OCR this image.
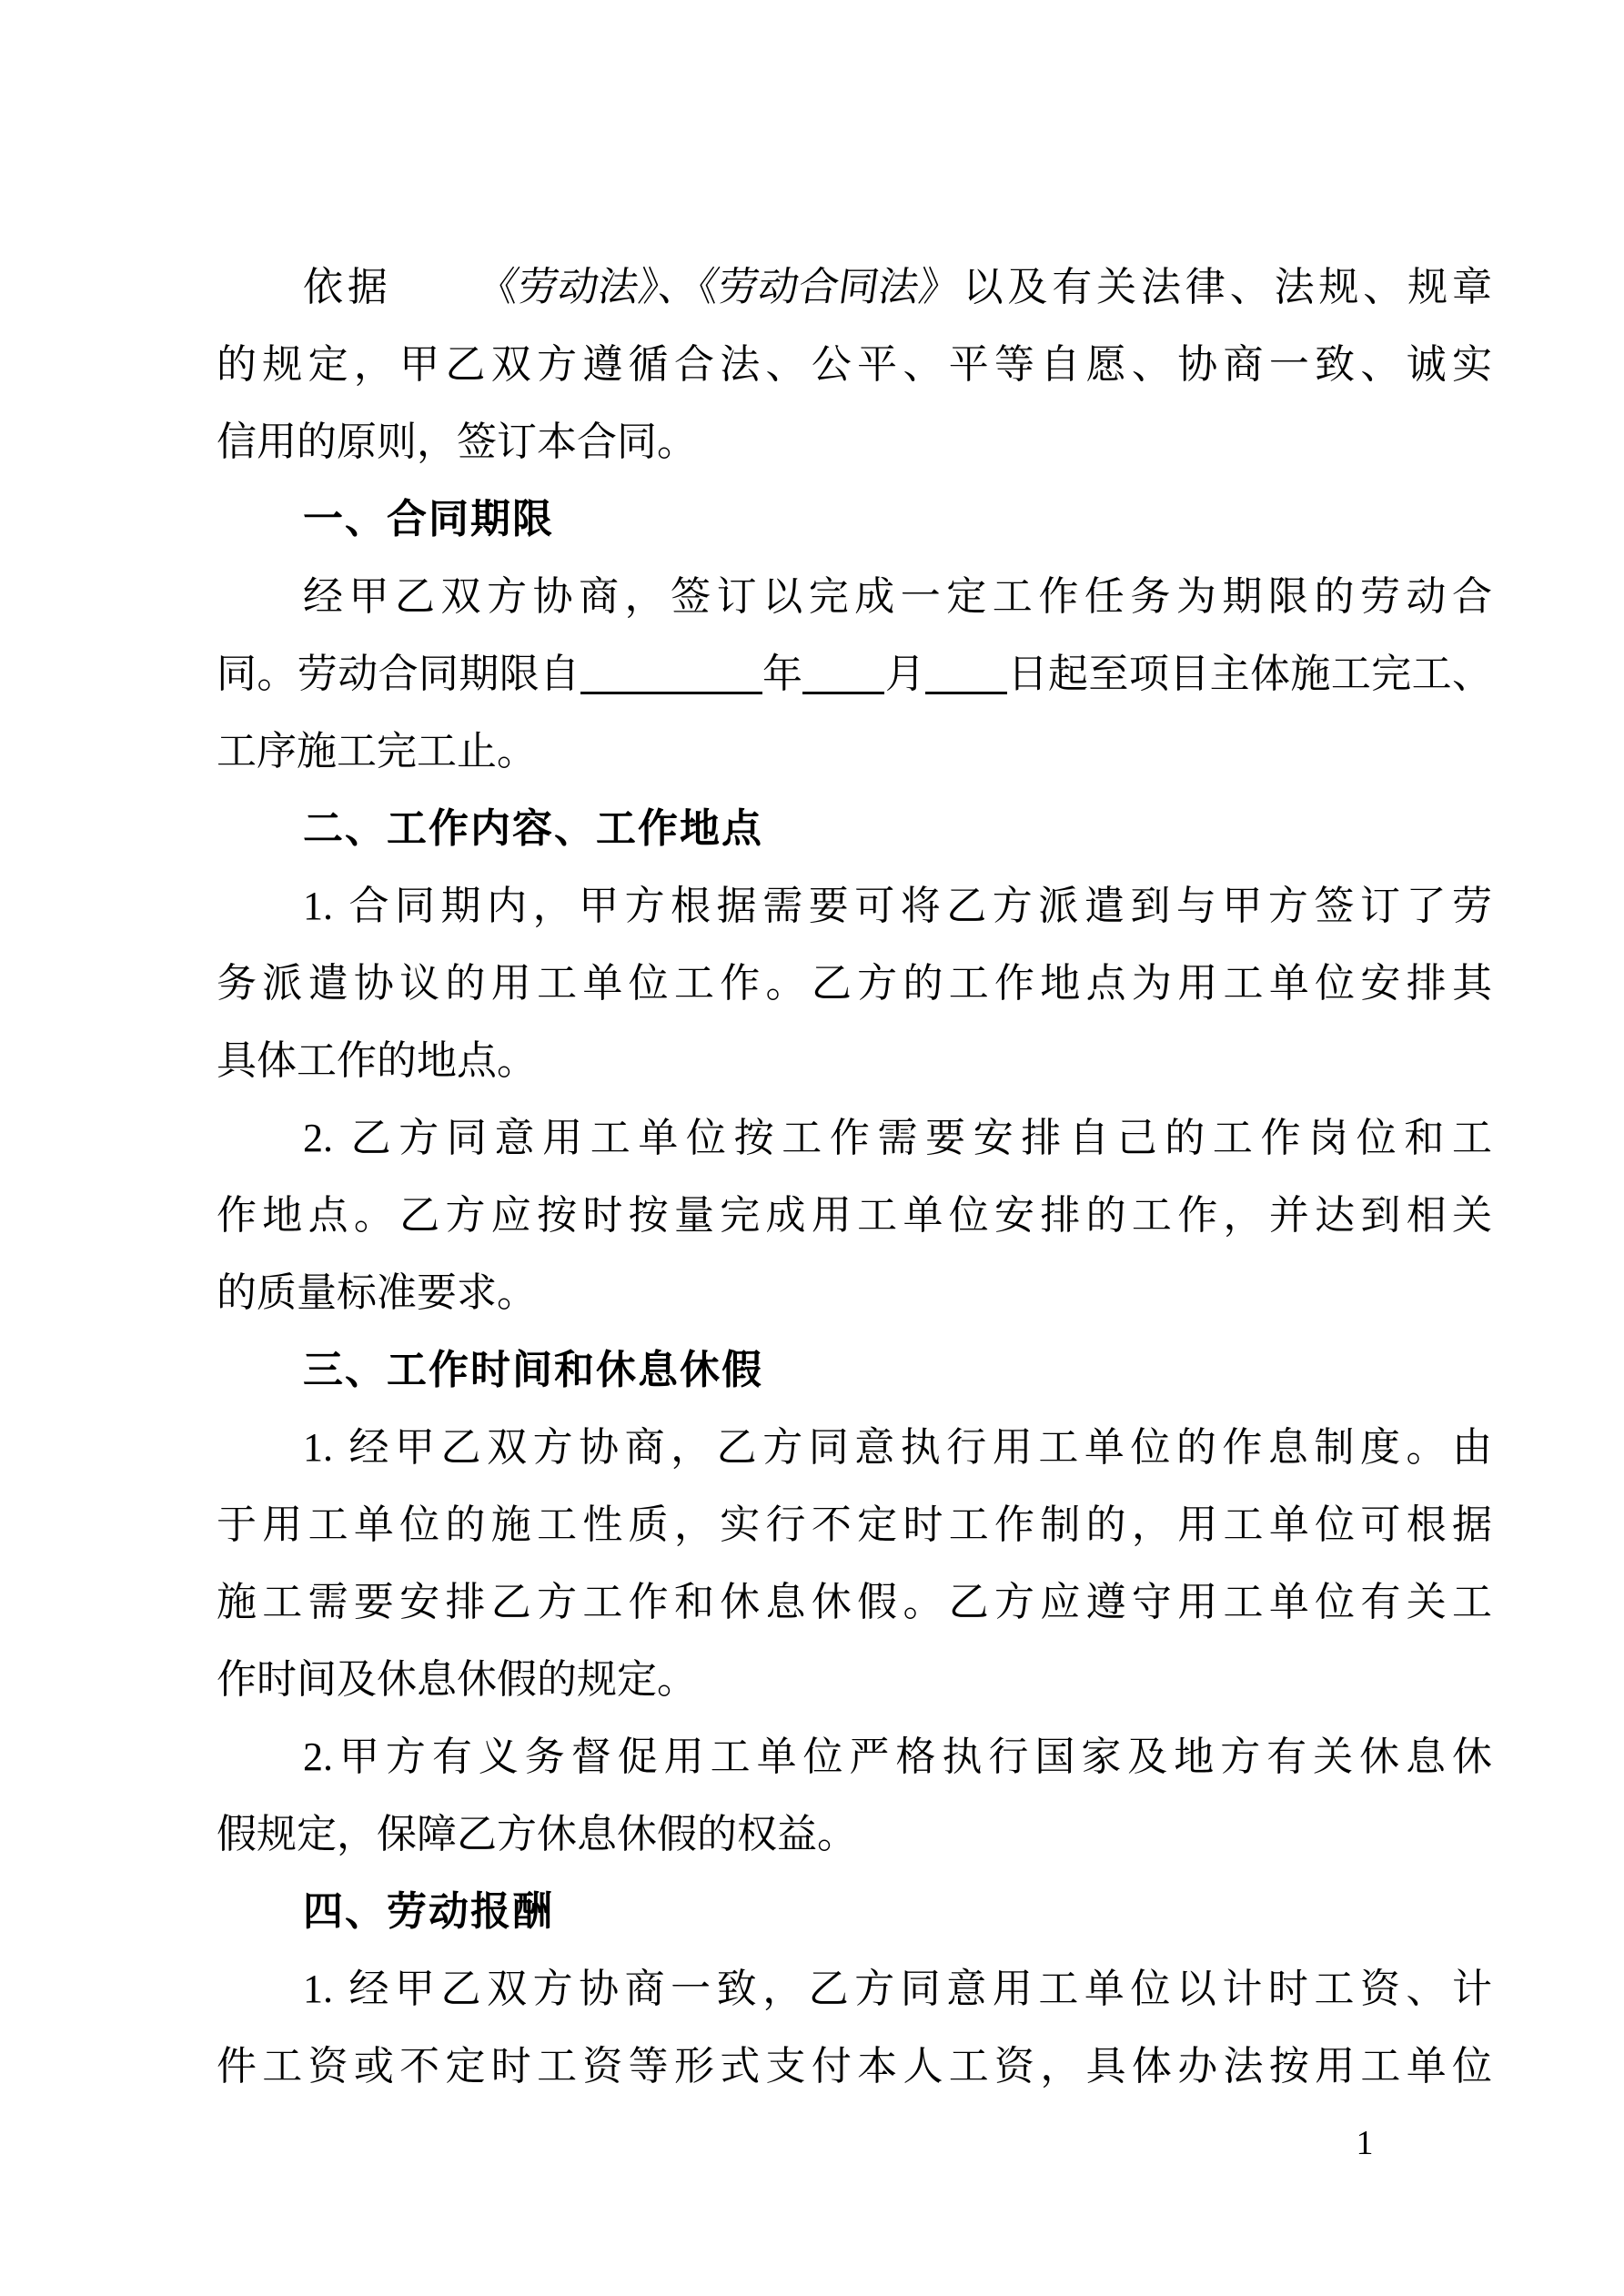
依据 《劳动法》、《劳动合同法》以及有关法律、法规、规章
的规定，甲乙双方遵循合法、公平、平等自愿、协商一致、诚实
信用的原则，签订本合同。
一、合同期限
经甲乙双方协商，签订以完成一定工作任务为期限的劳动合
同。劳动合同期限自	年 月 日起至项目主体施工完工、
工序施工完工止。
二、工作内容、工作地点
1. 合同期内，甲方根据需要可将乙方派遣到与甲方签订了劳
务派遣协议的用工单位工作。乙方的工作地点为用工单位安排其
具体工作的地点。
2. 乙方同意用工单位按工作需要安排自己的工作岗位和工
作地点。乙方应按时按量完成用工单位安排的工作，并达到相关
的质量标准要求。
三、工作时间和休息休假
1. 经甲乙双方协商，乙方同意执行用工单位的作息制度。由
于用工单位的施工性质，实行不定时工作制的，用工单位可根据
施工需要安排乙方工作和休息休假。乙方应遵守用工单位有关工
作时间及休息休假的规定。
2.甲方有义务督促用工单位严格执行国家及地方有关休息休
假规定，保障乙方休息休假的权益。
四、劳动报酬
1. 经甲乙双方协商一致，乙方同意用工单位以计时工资、计
件工资或不定时工资等形式支付本人工资，具体办法按用工单位
1
